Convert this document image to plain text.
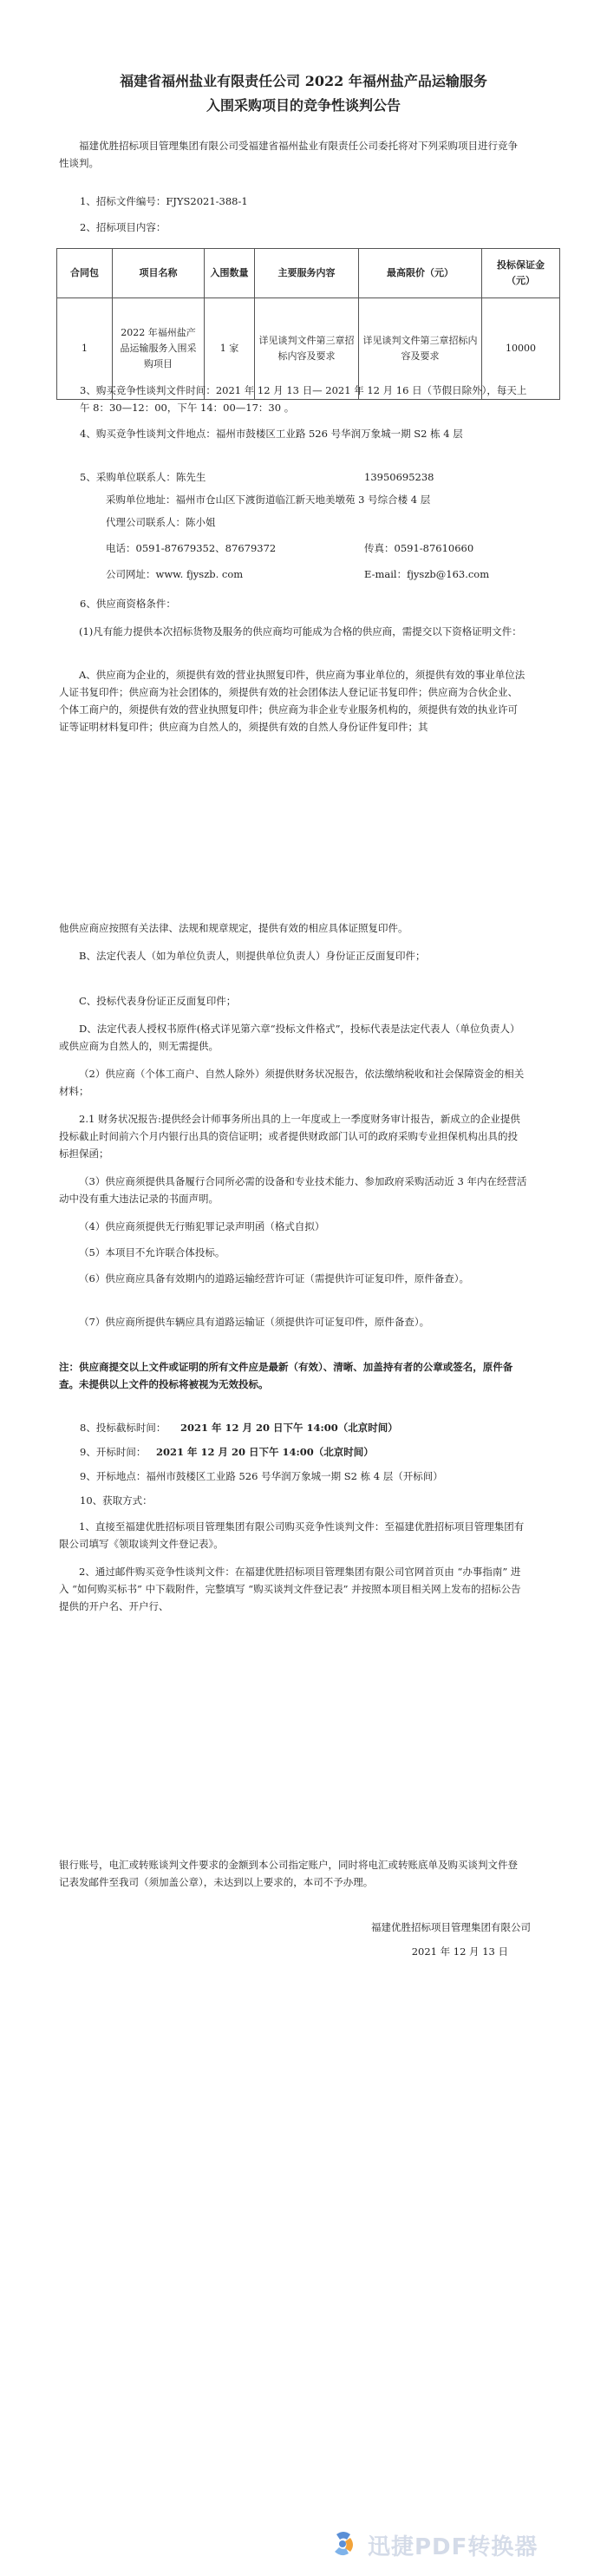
福建省福州盐业有限责任公司 2022 年福州盐产品运输服务
入围采购项目的竞争性谈判公告

福建优胜招标项目管理集团有限公司受福建省福州盐业有限责任公司委托将对下列采购项目进行竞争性谈判。

1、招标文件编号：FJYS2021-388-1
2、招标项目内容：
合同包	项目名称	入围数量	主要服务内容	最高限价（元）	投标保证金（元）
1	2022 年福州盐产品运输服务入围采购项目	1 家	详见谈判文件第三章招标内容及要求	详见谈判文件第三章招标内容及要求	10000

3、购买竞争性谈判文件时间：2021 年 12 月 13 日— 2021 年 12 月 16 日（节假日除外），每天上午 8：30—12：00，下午 14：00—17：30 。

4、购买竞争性谈判文件地点：福州市鼓楼区工业路 526 号华润万象城一期 S2 栋 4 层

5、采购单位联系人：陈先生	13950695238

采购单位地址：福州市仓山区下渡街道临江新天地美墩苑 3 号综合楼 4 层

代理公司联系人：陈小姐
电话：0591-87679352、87679372	传真：0591-87610660
公司网址：www. fjyszb. com	E-mail：fjyszb@163.com
6、供应商资格条件：

(1)凡有能力提供本次招标货物及服务的供应商均可能成为合格的供应商，需提交以下资格证明文件：

A、供应商为企业的，须提供有效的营业执照复印件，供应商为事业单位的，须提供有效的事业单位法人证书复印件；供应商为社会团体的，须提供有效的社会团体法人登记证书复印件；供应商为合伙企业、个体工商户的，须提供有效的营业执照复印件；供应商为非企业专业服务机构的，须提供有效的执业许可证等证明材料复印件；供应商为自然人的，须提供有效的自然人身份证件复印件；其

他供应商应按照有关法律、法规和规章规定，提供有效的相应具体证照复印件。

B、法定代表人（如为单位负责人，则提供单位负责人）身份证正反面复印件；

C、投标代表身份证正反面复印件；

D、法定代表人授权书原件(格式详见第六章“投标文件格式”，投标代表是法定代表人（单位负责人）或供应商为自然人的，则无需提供。

（2）供应商（个体工商户、自然人除外）须提供财务状况报告，依法缴纳税收和社会保障资金的相关材料；

2.1 财务状况报告:提供经会计师事务所出具的上一年度或上一季度财务审计报告，新成立的企业提供投标截止时间前六个月内银行出具的资信证明；或者提供财政部门认可的政府采购专业担保机构出具的投标担保函；

（3）供应商须提供具备履行合同所必需的设备和专业技术能力、参加政府采购活动近 3 年内在经营活动中没有重大违法记录的书面声明。

（4）供应商须提供无行贿犯罪记录声明函（格式自拟）

（5）本项目不允许联合体投标。

（6）供应商应具备有效期内的道路运输经营许可证（需提供许可证复印件，原件备查）。

（7）供应商所提供车辆应具有道路运输证（须提供许可证复印件，原件备查）。

注：供应商提交以上文件或证明的所有文件应是最新（有效）、清晰、加盖持有者的公章或签名，原件备查。未提供以上文件的投标将被视为无效投标。

8、投标截标时间： 2021 年 12 月 20 日下午 14:00（北京时间）
9、开标时间： 2021 年 12 月 20 日下午 14:00（北京时间）
9、开标地点：福州市鼓楼区工业路 526 号华润万象城一期 S2 栋 4 层（开标间）
10、获取方式：

1、直接至福建优胜招标项目管理集团有限公司购买竞争性谈判文件：至福建优胜招标项目管理集团有限公司填写《领取谈判文件登记表》。

2、通过邮件购买竞争性谈判文件：在福建优胜招标项目管理集团有限公司官网首页由 “办事指南” 进入 “如何购买标书” 中下载附件，完整填写 “购买谈判文件登记表” 并按照本项目相关网上发布的招标公告提供的开户名、开户行、

银行账号，电汇或转账谈判文件要求的金额到本公司指定账户，同时将电汇或转账底单及购买谈判文件登记表发邮件至我司（须加盖公章），未达到以上要求的，本司不予办理。

福建优胜招标项目管理集团有限公司
2021 年 12 月 13 日
迅捷PDF转换器
